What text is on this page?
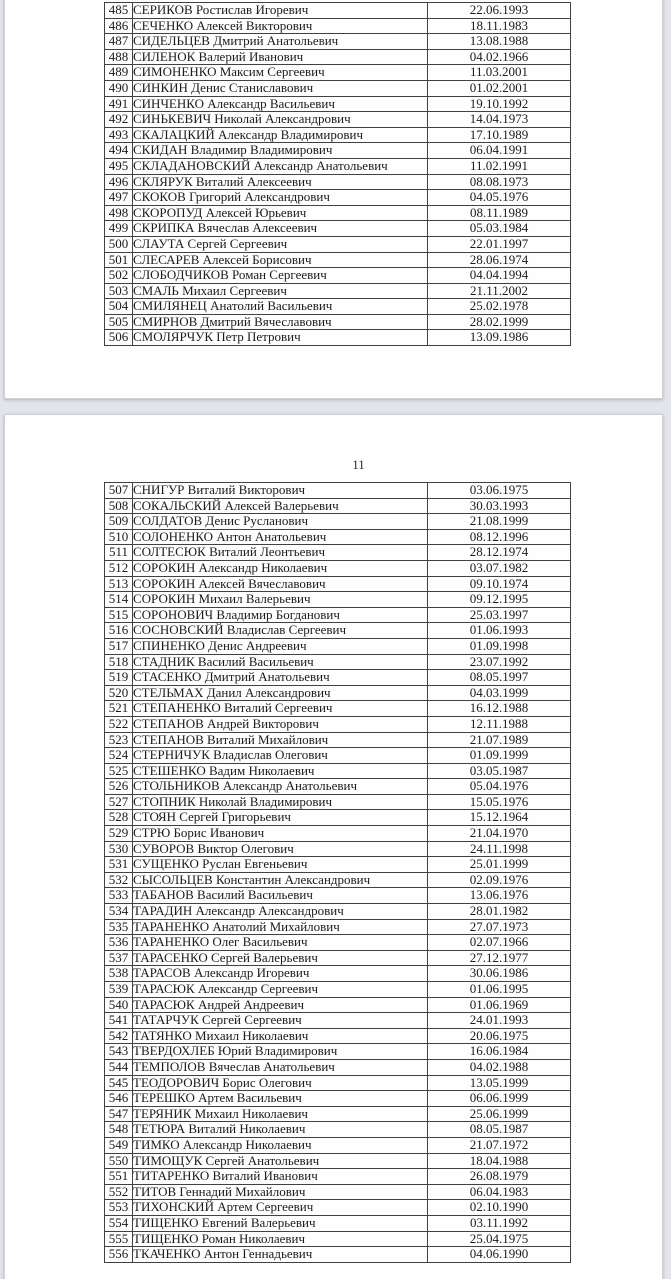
485	СЕРИКОВ Ростислав Игоревич	22.06.1993
486	СЕЧЕНКО Алексей Викторович	18.11.1983
487	СИДЕЛЬЦЕВ Дмитрий Анатольевич	13.08.1988
488	СИЛЕНОК Валерий Иванович	04.02.1966
489	СИМОНЕНКО Максим Сергеевич	11.03.2001
490	СИНКИН Денис Станиславович	01.02.2001
491	СИНЧЕНКО Александр Васильевич	19.10.1992
492	СИНЬКЕВИЧ Николай Александрович	14.04.1973
493	СКАЛАЦКИЙ Александр Владимирович	17.10.1989
494	СКИДАН Владимир Владимирович	06.04.1991
495	СКЛАДАНОВСКИЙ Александр Анатольевич	11.02.1991
496	СКЛЯРУК Виталий Алексеевич	08.08.1973
497	СКОКОВ Григорий Александрович	04.05.1976
498	СКОРОПУД Алексей Юрьевич	08.11.1989
499	СКРИПКА Вячеслав Алексеевич	05.03.1984
500	СЛАУТА Сергей Сергеевич	22.01.1997
501	СЛЕСАРЕВ Алексей Борисович	28.06.1974
502	СЛОБОДЧИКОВ Роман Сергеевич	04.04.1994
503	СМАЛЬ Михаил Сергеевич	21.11.2002
504	СМИЛЯНЕЦ Анатолий Васильевич	25.02.1978
505	СМИРНОВ Дмитрий Вячеславович	28.02.1999
506	СМОЛЯРЧУК Петр Петрович	13.09.1986
11
507	СНИГУР Виталий Викторович	03.06.1975
508	СОКАЛЬСКИЙ Алексей Валерьевич	30.03.1993
509	СОЛДАТОВ Денис Русланович	21.08.1999
510	СОЛОНЕНКО Антон Анатольевич	08.12.1996
511	СОЛТЕСЮК Виталий Леонтьевич	28.12.1974
512	СОРОКИН Александр Николаевич	03.07.1982
513	СОРОКИН Алексей Вячеславович	09.10.1974
514	СОРОКИН Михаил Валерьевич	09.12.1995
515	СОРОНОВИЧ Владимир Богданович	25.03.1997
516	СОСНОВСКИЙ Владислав Сергеевич	01.06.1993
517	СПИНЕНКО Денис Андреевич	01.09.1998
518	СТАДНИК Василий Васильевич	23.07.1992
519	СТАСЕНКО Дмитрий Анатольевич	08.05.1997
520	СТЕЛЬМАХ Данил Александрович	04.03.1999
521	СТЕПАНЕНКО Виталий Сергеевич	16.12.1988
522	СТЕПАНОВ Андрей Викторович	12.11.1988
523	СТЕПАНОВ Виталий Михайлович	21.07.1989
524	СТЕРНИЧУК Владислав Олегович	01.09.1999
525	СТЕШЕНКО Вадим Николаевич	03.05.1987
526	СТОЛЬНИКОВ Александр Анатольевич	05.04.1976
527	СТОПНИК Николай Владимирович	15.05.1976
528	СТОЯН Сергей Григорьевич	15.12.1964
529	СТРЮ Борис Иванович	21.04.1970
530	СУВОРОВ Виктор Олегович	24.11.1998
531	СУЩЕНКО Руслан Евгеньевич	25.01.1999
532	СЫСОЛЬЦЕВ Константин Александрович	02.09.1976
533	ТАБАНОВ Василий Васильевич	13.06.1976
534	ТАРАДИН Александр Александрович	28.01.1982
535	ТАРАНЕНКО Анатолий Михайлович	27.07.1973
536	ТАРАНЕНКО Олег Васильевич	02.07.1966
537	ТАРАСЕНКО Сергей Валерьевич	27.12.1977
538	ТАРАСОВ Александр Игоревич	30.06.1986
539	ТАРАСЮК Александр Сергеевич	01.06.1995
540	ТАРАСЮК Андрей Андреевич	01.06.1969
541	ТАТАРЧУК Сергей Сергеевич	24.01.1993
542	ТАТЯНКО Михаил Николаевич	20.06.1975
543	ТВЕРДОХЛЕБ Юрий Владимирович	16.06.1984
544	ТЕМПОЛОВ Вячеслав Анатольевич	04.02.1988
545	ТЕОДОРОВИЧ Борис Олегович	13.05.1999
546	ТЕРЕШКО Артем Васильевич	06.06.1999
547	ТЕРЯНИК Михаил Николаевич	25.06.1999
548	ТЕТЮРА Виталий Николаевич	08.05.1987
549	ТИМКО Александр Николаевич	21.07.1972
550	ТИМОЩУК Сергей Анатольевич	18.04.1988
551	ТИТАРЕНКО Виталий Иванович	26.08.1979
552	ТИТОВ Геннадий Михайлович	06.04.1983
553	ТИХОНСКИЙ Артем Сергеевич	02.10.1990
554	ТИЩЕНКО Евгений Валерьевич	03.11.1992
555	ТИЩЕНКО Роман Николаевич	25.04.1975
556	ТКАЧЕНКО Антон Геннадьевич	04.06.1990
